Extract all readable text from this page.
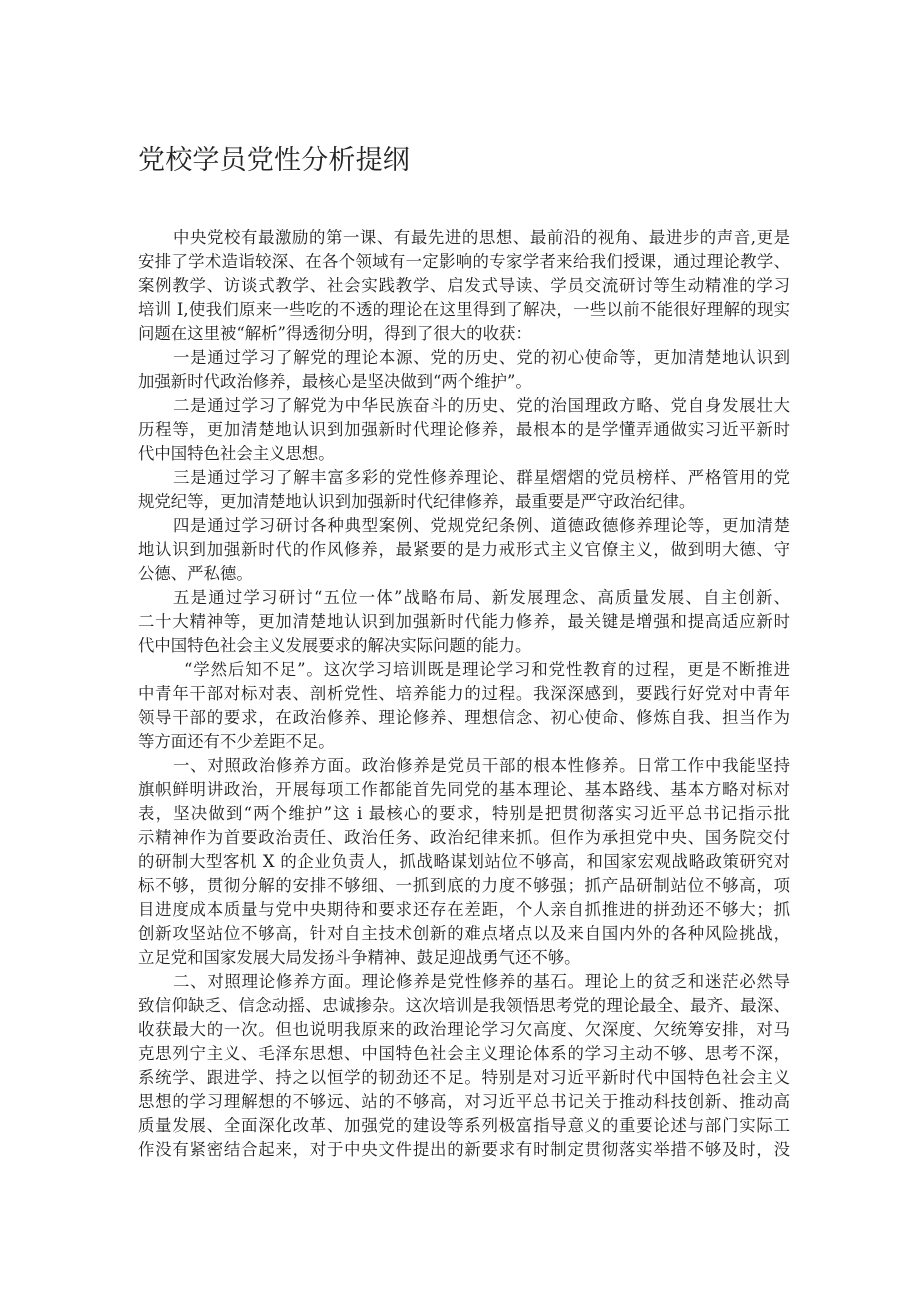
党校学员党性分析提纲
中央党校有最激励的第一课、有最先进的思想、最前沿的视角、最进步的声音,更是
安排了学术造诣较深、在各个领域有一定影响的专家学者来给我们授课，通过理论教学、
案例教学、访谈式教学、社会实践教学、启发式导读、学员交流研讨等生动精准的学习
培训 I,使我们原来一些吃的不透的理论在这里得到了解决，一些以前不能很好理解的现实
问题在这里被“解析”得透彻分明，得到了很大的收获：
一是通过学习了解党的理论本源、党的历史、党的初心使命等，更加清楚地认识到
加强新时代政治修养，最核心是坚决做到“两个维护”。
二是通过学习了解党为中华民族奋斗的历史、党的治国理政方略、党自身发展壮大
历程等，更加清楚地认识到加强新时代理论修养，最根本的是学懂弄通做实习近平新时
代中国特色社会主义思想。
三是通过学习了解丰富多彩的党性修养理论、群星熠熠的党员榜样、严格管用的党
规党纪等，更加清楚地认识到加强新时代纪律修养，最重要是严守政治纪律。
四是通过学习研讨各种典型案例、党规党纪条例、道德政德修养理论等，更加清楚
地认识到加强新时代的作风修养，最紧要的是力戒形式主义官僚主义，做到明大德、守
公德、严私德。
五是通过学习研讨“五位一体”战略布局、新发展理念、高质量发展、自主创新、
二十大精神等，更加清楚地认识到加强新时代能力修养，最关键是增强和提高适应新时
代中国特色社会主义发展要求的解决实际问题的能力。
“学然后知不足”。这次学习培训既是理论学习和党性教育的过程，更是不断推进
中青年干部对标对表、剖析党性、培养能力的过程。我深深感到，要践行好党对中青年
领导干部的要求，在政治修养、理论修养、理想信念、初心使命、修炼自我、担当作为
等方面还有不少差距不足。
一、对照政治修养方面。政治修养是党员干部的根本性修养。日常工作中我能坚持
旗帜鲜明讲政治，开展每项工作都能首先同党的基本理论、基本路线、基本方略对标对
表，坚决做到“两个维护”这 i 最核心的要求，特别是把贯彻落实习近平总书记指示批
示精神作为首要政治责任、政治任务、政治纪律来抓。但作为承担党中央、国务院交付
的研制大型客机 X 的企业负责人，抓战略谋划站位不够高，和国家宏观战略政策研究对
标不够，贯彻分解的安排不够细、一抓到底的力度不够强；抓产品研制站位不够高，项
目进度成本质量与党中央期待和要求还存在差距，个人亲自抓推进的拼劲还不够大；抓
创新攻坚站位不够高，针对自主技术创新的难点堵点以及来自国内外的各种风险挑战，
立足党和国家发展大局发扬斗争精神、鼓足迎战勇气还不够。
二、对照理论修养方面。理论修养是党性修养的基石。理论上的贫乏和迷茫必然导
致信仰缺乏、信念动摇、忠诚掺杂。这次培训是我领悟思考党的理论最全、最齐、最深、
收获最大的一次。但也说明我原来的政治理论学习欠高度、欠深度、欠统筹安排，对马
克思列宁主义、毛泽东思想、中国特色社会主义理论体系的学习主动不够、思考不深，
系统学、跟进学、持之以恒学的韧劲还不足。特别是对习近平新时代中国特色社会主义
思想的学习理解想的不够远、站的不够高，对习近平总书记关于推动科技创新、推动高
质量发展、全面深化改革、加强党的建设等系列极富指导意义的重要论述与部门实际工
作没有紧密结合起来，对于中央文件提出的新要求有时制定贯彻落实举措不够及时，没
